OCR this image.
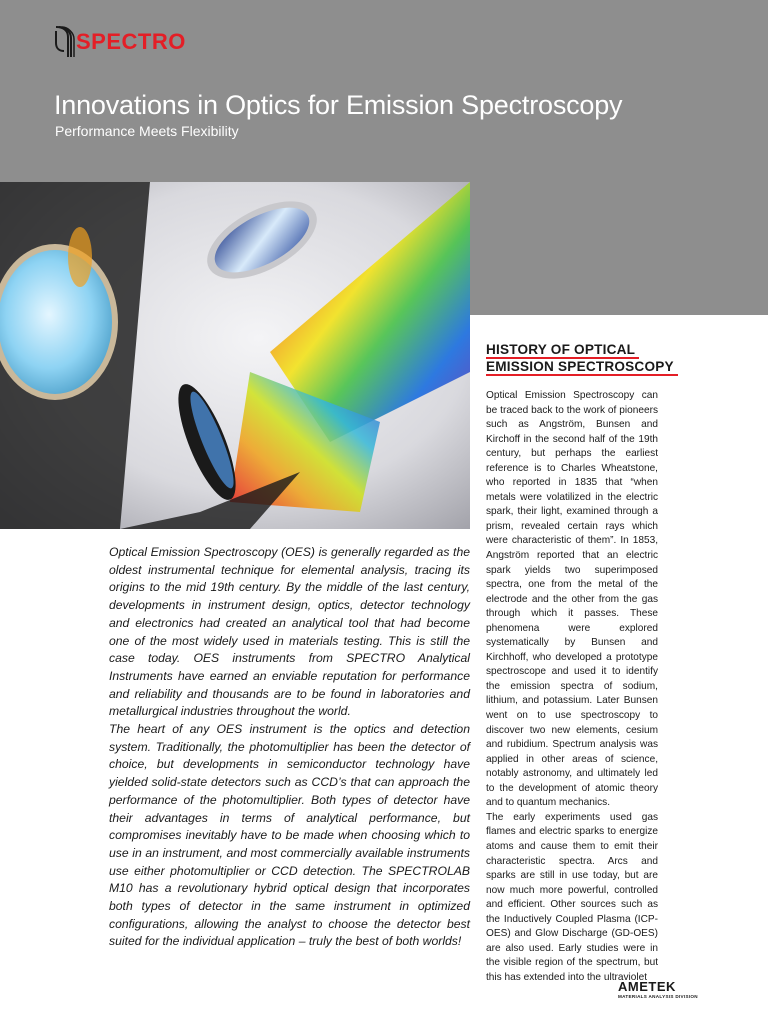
SPECTRO
Innovations in Optics for Emission Spectroscopy

Performance Meets Flexibility

Optical Emission Spectroscopy (OES) is generally regarded as the oldest instrumental technique for elemental analysis, tracing its origins to the mid 19th century. By the middle of the last century, developments in instrument design, optics, detector technology and electronics had created an analytical tool that had become one of the most widely used in materials testing. This is still the case today. OES instruments from SPECTRO Analytical Instruments have earned an enviable reputation for performance and reliability and thousands are to be found in laboratories and metallurgical industries throughout the world.

The heart of any OES instrument is the optics and detection system. Traditionally, the photomultiplier has been the detector of choice, but developments in semiconductor technology have yielded solid-state detectors such as CCD’s that can approach the performance of the photomultiplier. Both types of detector have their advantages in terms of analytical performance, but compromises inevitably have to be made when choosing which to use in an instrument, and most commercially available instruments use either photomultiplier or CCD detection. The SPECTROLAB M10 has a revolutionary hybrid optical design that incorporates both types of detector in the same instrument in optimized configurations, allowing the analyst to choose the detector best suited for the individual application – truly the best of both worlds!

HISTORY OF OPTICAL
EMISSION SPECTROSCOPY

Optical Emission Spectroscopy can be traced back to the work of pioneers such as Angström, Bunsen and Kirchoff in the second half of the 19th century, but perhaps the earliest reference is to Charles Wheatstone, who reported in 1835 that “when metals were volatilized in the electric spark, their light, examined through a prism, revealed certain rays which were characteristic of them”. In 1853, Angström reported that an electric spark yields two superimposed spectra, one from the metal of the electrode and the other from the gas through which it passes. These phenomena were explored systematically by Bunsen and Kirchhoff, who developed a prototype spectroscope and used it to identify the emission spectra of sodium, lithium, and potassium. Later Bunsen went on to use spectroscopy to discover two new elements, cesium and rubidium. Spectrum analysis was applied in other areas of science, notably astronomy, and ultimately led to the development of atomic theory and to quantum mechanics.

The early experiments used gas flames and electric sparks to energize atoms and cause them to emit their characteristic spectra. Arcs and sparks are still in use today, but are now much more powerful, controlled and efficient. Other sources such as the Inductively Coupled Plasma (ICP-OES) and Glow Discharge (GD-OES) are also used. Early studies were in the visible region of the spectrum, but this has extended into the ultraviolet

AMETEK
MATERIALS ANALYSIS DIVISION
